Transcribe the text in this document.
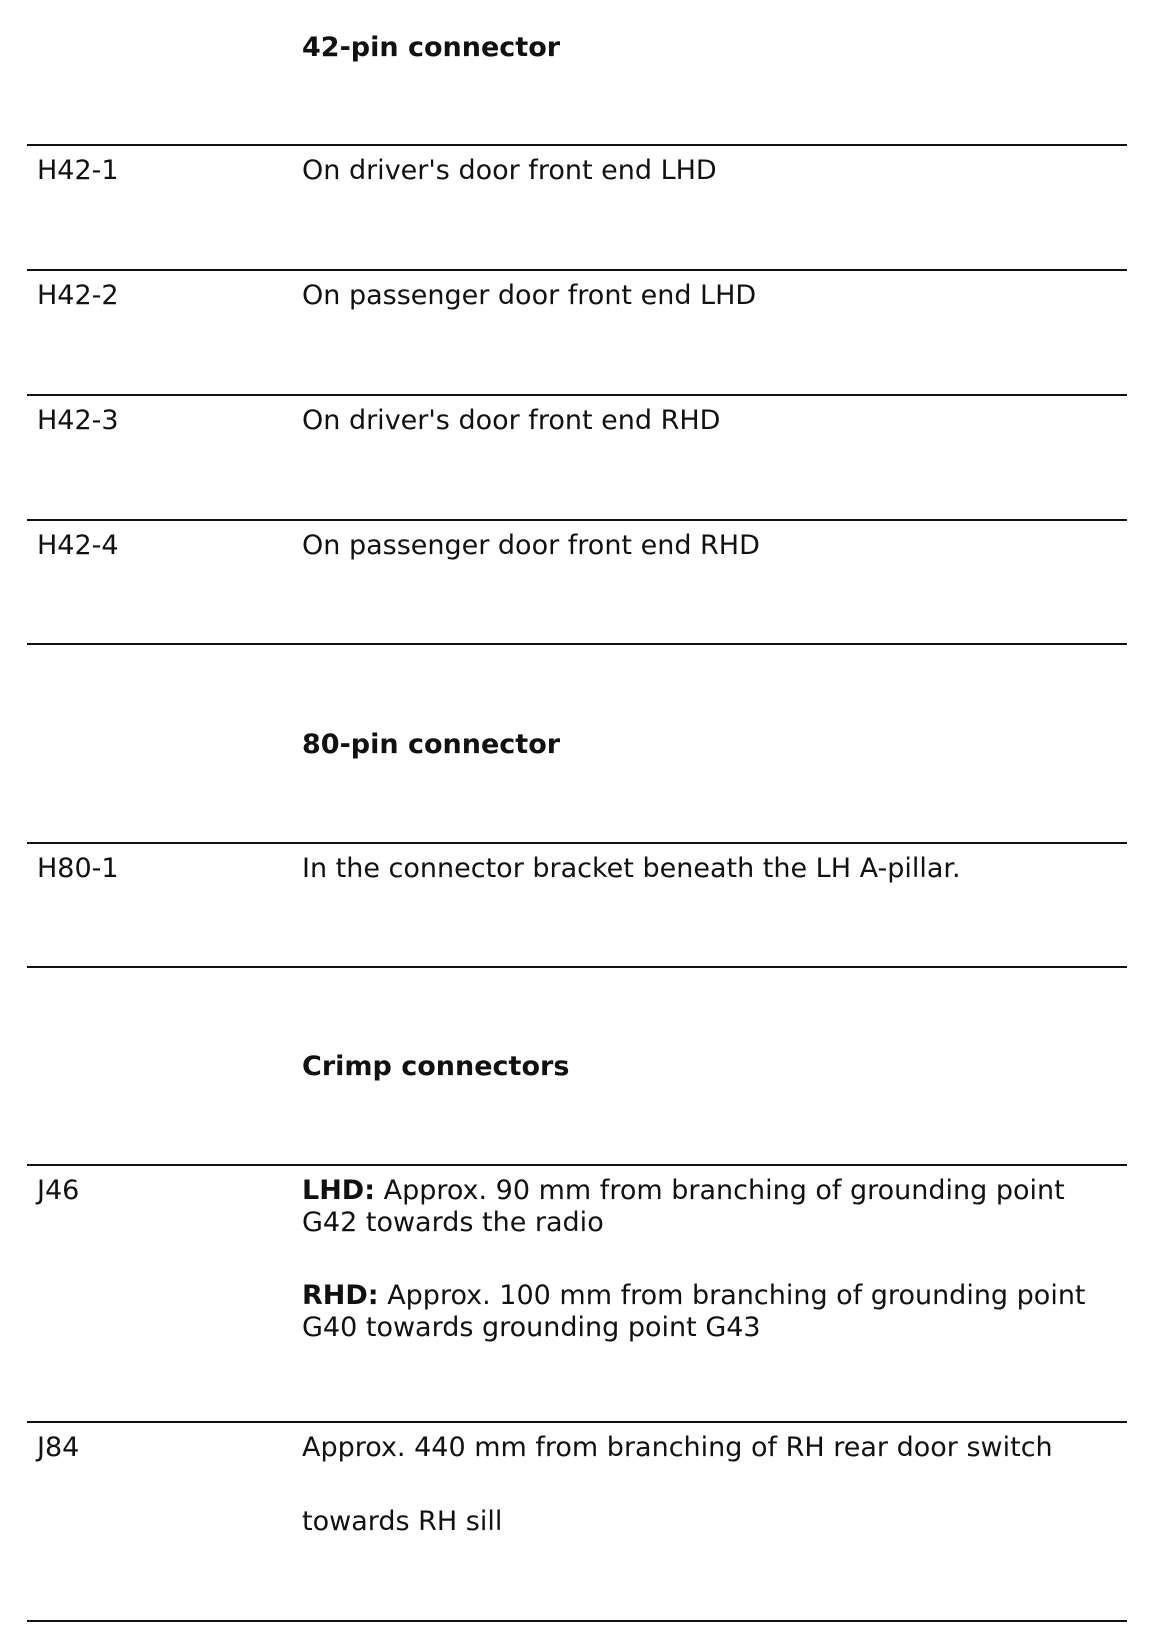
42-pin connector
H42-1	On driver's door front end LHD
H42-2	On passenger door front end LHD
H42-3	On driver's door front end RHD
H42-4	On passenger door front end RHD
80-pin connector
H80-1	In the connector bracket beneath the LH A-pillar.
Crimp connectors
J46	LHD: Approx. 90 mm from branching of grounding point
G42 towards the radio
RHD: Approx. 100 mm from branching of grounding point
G40 towards grounding point G43
J84	Approx. 440 mm from branching of RH rear door switch
towards RH sill
